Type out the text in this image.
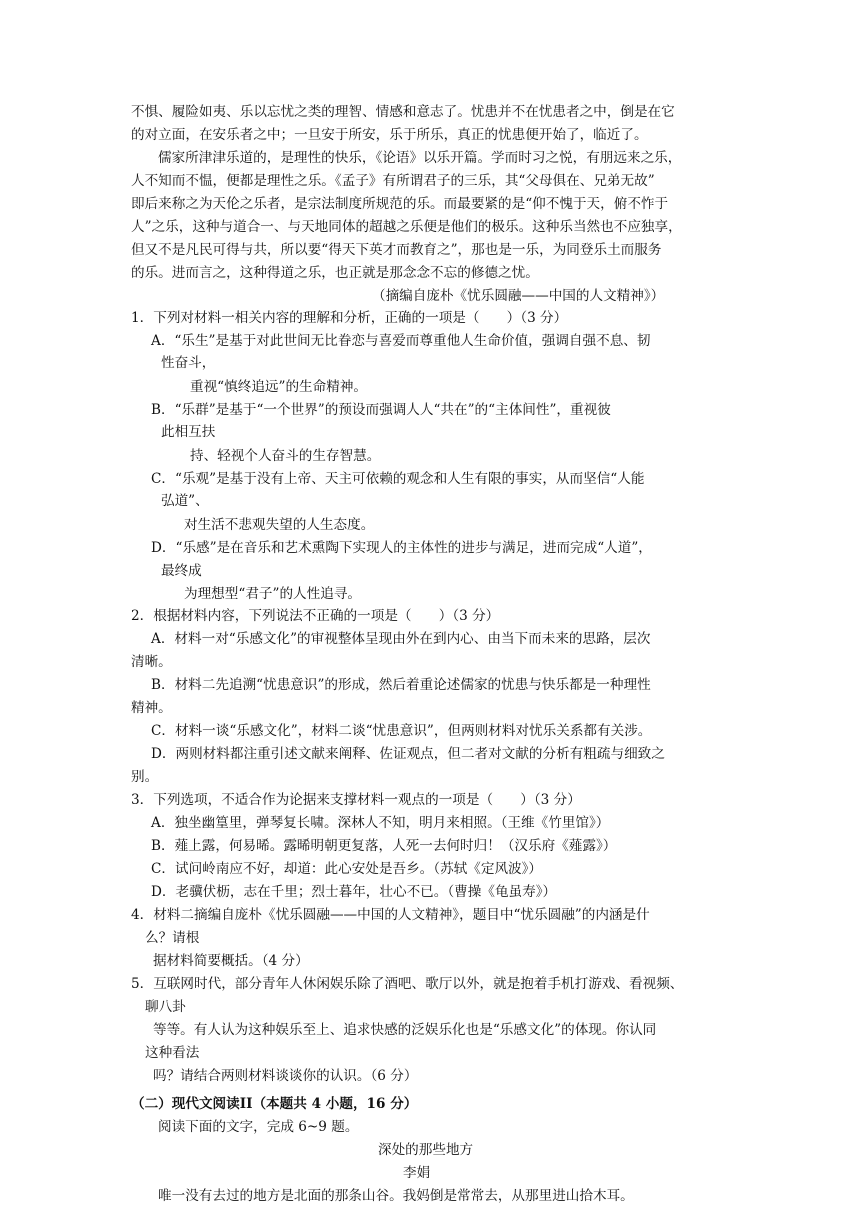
不惧、履险如夷、乐以忘忧之类的理智、情感和意志了。忧患并不在忧患者之中，倒是在它
的对立面，在安乐者之中；一旦安于所安，乐于所乐，真正的忧患便开始了，临近了。
儒家所津津乐道的，是理性的快乐，《论语》以乐开篇。学而时习之悦，有朋远来之乐，
人不知而不愠，便都是理性之乐。《孟子》有所谓君子的三乐，其“父母俱在、兄弟无故”
即后来称之为天伦之乐者，是宗法制度所规范的乐。而最要紧的是“仰不愧于天，俯不怍于
人”之乐，这种与道合一、与天地同体的超越之乐便是他们的极乐。这种乐当然也不应独享，
但又不是凡民可得与共，所以要“得天下英才而教育之”，那也是一乐，为同登乐土而服务
的乐。进而言之，这种得道之乐，也正就是那念念不忘的修德之忧。
（摘编自庞朴《忧乐圆融——中国的人文精神》）
1．下列对材料一相关内容的理解和分析，正确的一项是（　　）（3 分）
A．“乐生”是基于对此世间无比眷恋与喜爱而尊重他人生命价值，强调自强不息、韧
性奋斗，
重视“慎终追远”的生命精神。
B．“乐群”是基于“一个世界”的预设而强调人人“共在”的“主体间性”，重视彼
此相互扶
持、轻视个人奋斗的生存智慧。
C．“乐观”是基于没有上帝、天主可依赖的观念和人生有限的事实，从而坚信“人能
弘道”、
对生活不悲观失望的人生态度。
D．“乐感”是在音乐和艺术熏陶下实现人的主体性的进步与满足，进而完成“人道”，
最终成
为理想型“君子”的人性追寻。
2．根据材料内容，下列说法不正确的一项是（　　）（3 分）
A．材料一对“乐感文化”的审视整体呈现由外在到内心、由当下而未来的思路，层次
清晰。
B．材料二先追溯“忧患意识”的形成，然后着重论述儒家的忧患与快乐都是一种理性
精神。
C．材料一谈“乐感文化”，材料二谈“忧患意识”，但两则材料对忧乐关系都有关涉。
D．两则材料都注重引述文献来阐释、佐证观点，但二者对文献的分析有粗疏与细致之
别。
3．下列选项，不适合作为论据来支撑材料一观点的一项是（　　）（3 分）
A．独坐幽篁里，弹琴复长啸。深林人不知，明月来相照。（王维《竹里馆》）
B．薤上露，何易晞。露晞明朝更复落，人死一去何时归！（汉乐府《薤露》）
C．试问岭南应不好，却道：此心安处是吾乡。（苏轼《定风波》）
D．老骥伏枥，志在千里；烈士暮年，壮心不已。（曹操《龟虽寿》）
4．材料二摘编自庞朴《忧乐圆融——中国的人文精神》，题目中“忧乐圆融”的内涵是什
么？请根
据材料简要概括。（4 分）
5．互联网时代，部分青年人休闲娱乐除了酒吧、歌厅以外，就是抱着手机打游戏、看视频、
聊八卦
等等。有人认为这种娱乐至上、追求快感的泛娱乐化也是“乐感文化”的体现。你认同
这种看法
吗？请结合两则材料谈谈你的认识。（6 分）
（二）现代文阅读II（本题共 4 小题，16 分）
阅读下面的文字，完成 6~9 题。
深处的那些地方
李娟
唯一没有去过的地方是北面的那条山谷。我妈倒是常常去，从那里进山拾木耳。
